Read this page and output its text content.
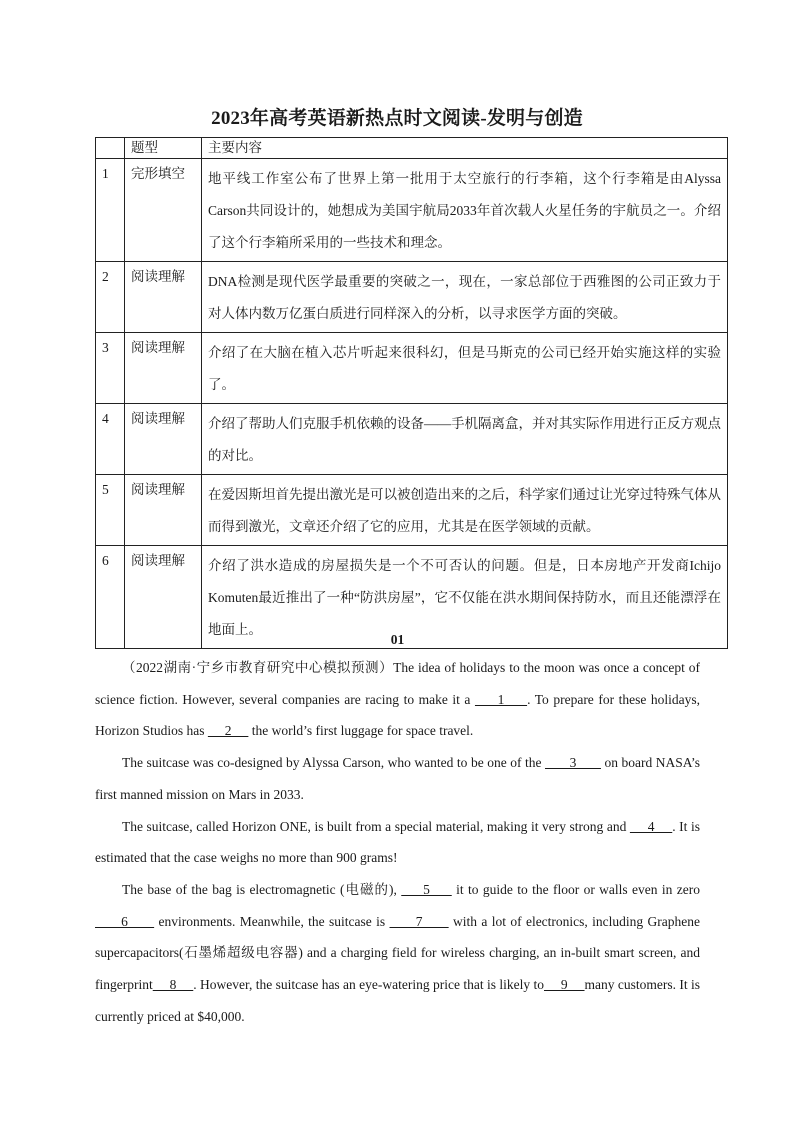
2023年高考英语新热点时文阅读-发明与创造
	题型	主要内容
1	完形填空	地平线工作室公布了世界上第一批用于太空旅行的行李箱，这个行李箱是由Alyssa Carson共同设计的，她想成为美国宇航局2033年首次载人火星任务的宇航员之一。介绍了这个行李箱所采用的一些技术和理念。
2	阅读理解	DNA检测是现代医学最重要的突破之一，现在，一家总部位于西雅图的公司正致力于对人体内数万亿蛋白质进行同样深入的分析，以寻求医学方面的突破。
3	阅读理解	介绍了在大脑在植入芯片听起来很科幻，但是马斯克的公司已经开始实施这样的实验了。
4	阅读理解	介绍了帮助人们克服手机依赖的设备——手机隔离盒，并对其实际作用进行正反方观点的对比。
5	阅读理解	在爱因斯坦首先提出激光是可以被创造出来的之后，科学家们通过让光穿过特殊气体从而得到激光，文章还介绍了它的应用，尤其是在医学领域的贡献。
6	阅读理解	介绍了洪水造成的房屋损失是一个不可否认的问题。但是，日本房地产开发商Ichijo Komuten最近推出了一种“防洪房屋”，它不仅能在洪水期间保持防水，而且还能漂浮在地面上。
01

（2022湖南·宁乡市教育研究中心模拟预测）The idea of holidays to the moon was once a concept of science fiction. However, several companies are racing to make it a      1     . To prepare for these holidays, Horizon Studios has      2      the world’s first luggage for space travel.

The suitcase was co-designed by Alyssa Carson, who wanted to be one of the        3        on board NASA’s first manned mission on Mars in 2033.

The suitcase, called Horizon ONE, is built from a special material, making it very strong and      4     . It is estimated that the case weighs no more than 900 grams!

The base of the bag is electromagnetic (电磁的),      5      it to guide to the floor or walls even in zero       6       environments. Meanwhile, the suitcase is       7       with a lot of electronics, including Graphene supercapacitors(石墨烯超级电容器) and a charging field for wireless charging, an in-built smart screen, and fingerprint     8     . However, the suitcase has an eye-watering price that is likely to     9     many customers. It is currently priced at $40,000.
